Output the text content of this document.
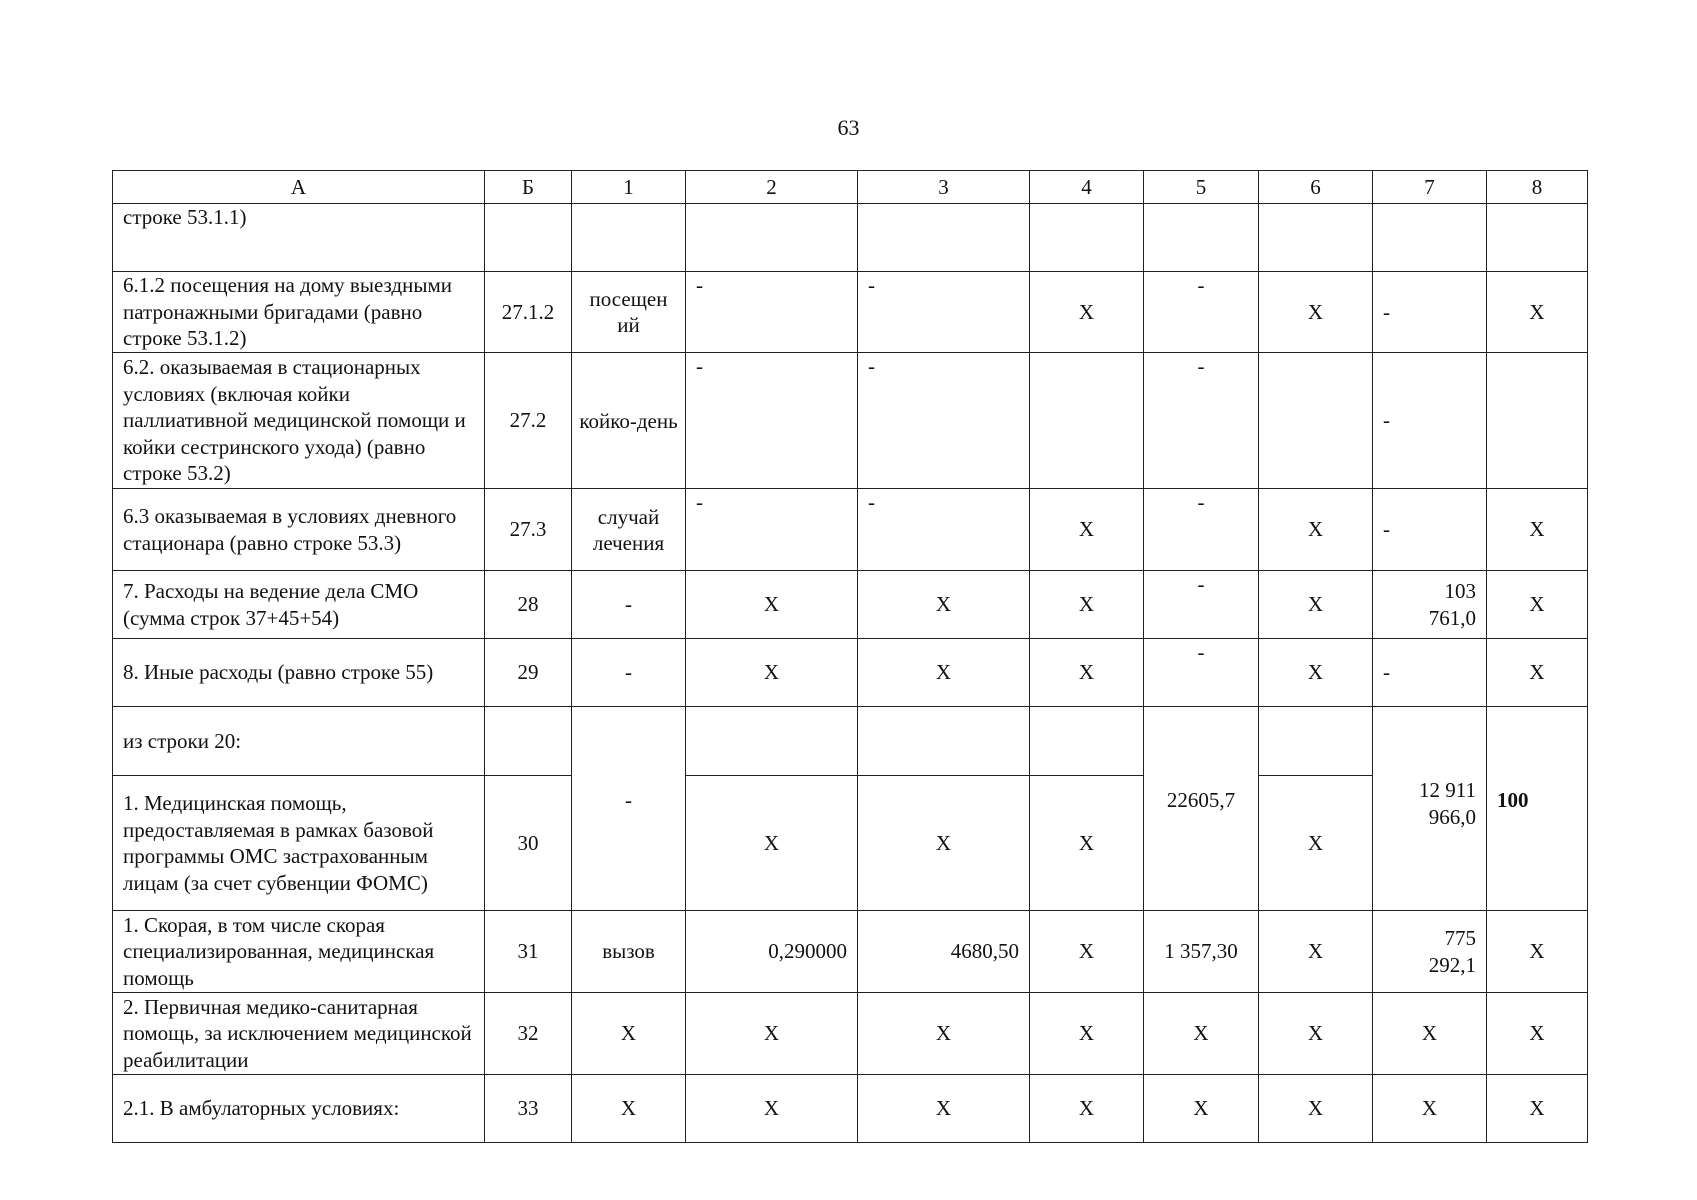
63
А	Б	1	2	3	4	5	6	7	8
строке 53.1.1)									
6.1.2 посещения на дому выездными патронажными бригадами (равно строке 53.1.2)	27.1.2	посещен ий	-	-	X	-	X	-	X
6.2. оказываемая в стационарных условиях (включая койки паллиативной медицинской помощи и койки сестринского ухода) (равно строке 53.2)	27.2	койко-день	-	-		-		-	
6.3 оказываемая в условиях дневного стационара (равно строке 53.3)	27.3	случай лечения	-	-	X	-	X	-	X
7. Расходы на ведение дела СМО (сумма строк 37+45+54)	28	-	X	X	X	-	X	103 761,0	X
8. Иные расходы (равно строке 55)	29	-	X	X	X	-	X	-	X
из строки 20:		-				22605,7		12 911 966,0	100
1. Медицинская помощь, предоставляемая в рамках базовой программы ОМС застрахованным лицам (за счет субвенции ФОМС)	30		X	X	X		X		
1. Скорая, в том числе скорая специализированная, медицинская помощь	31	вызов	0,290000	4680,50	X	1 357,30	X	775 292,1	X
2. Первичная медико-санитарная помощь, за исключением медицинской реабилитации	32	X	X	X	X	X	X	X	X
2.1. В амбулаторных условиях:	33	X	X	X	X	X	X	X	X
